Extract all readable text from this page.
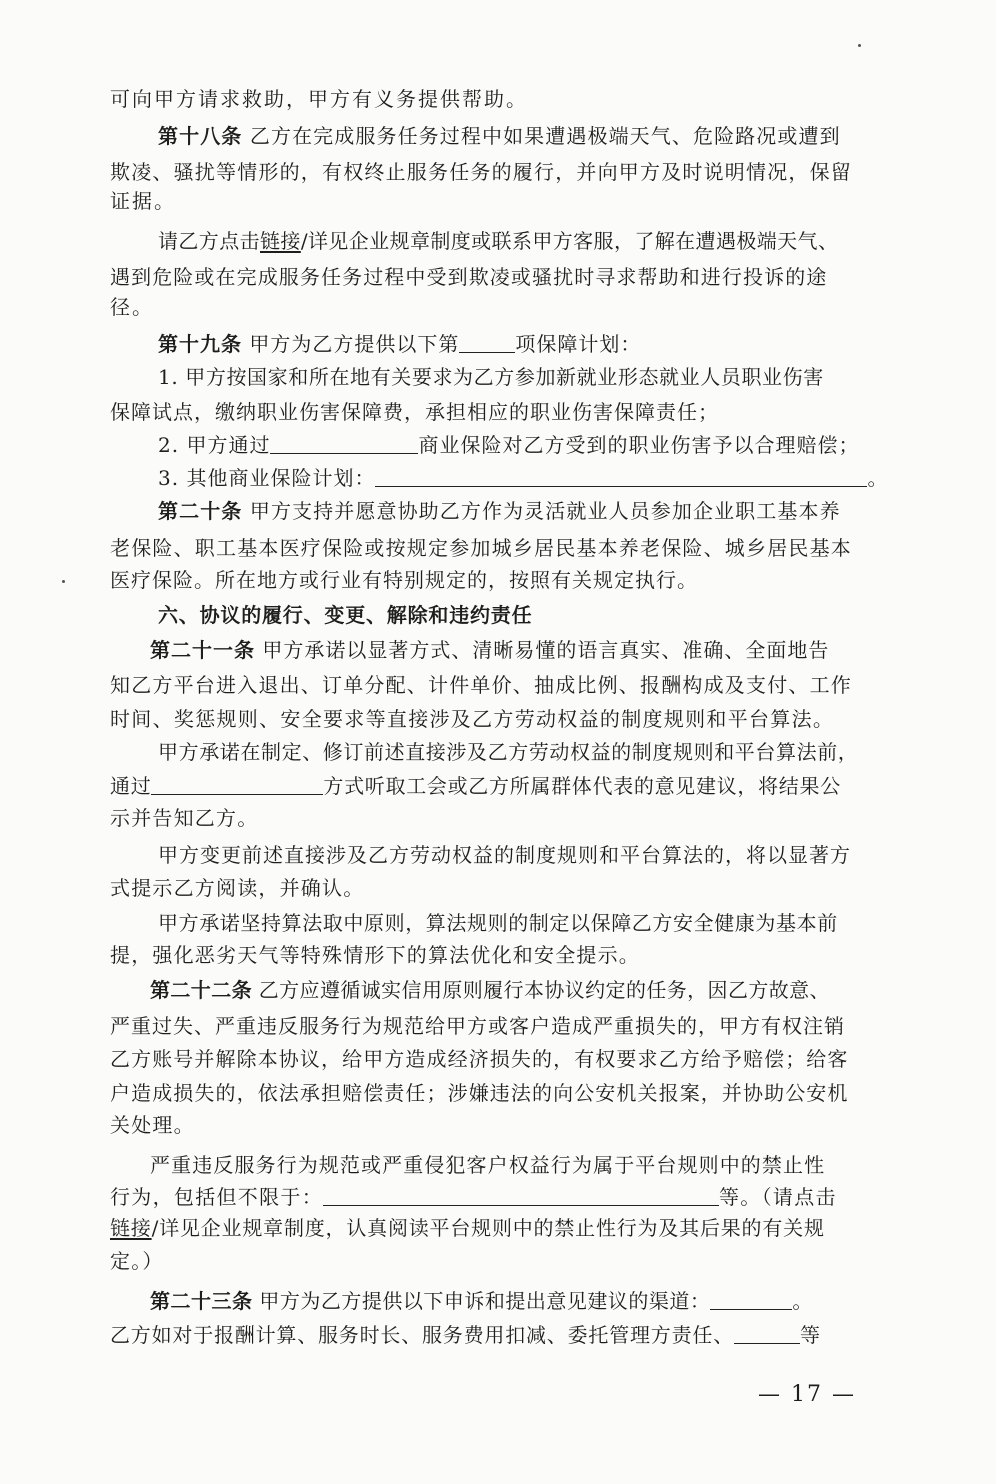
可向甲方请求救助，甲方有义务提供帮助。
第十八条 乙方在完成服务任务过程中如果遭遇极端天气、危险路况或遭到
欺凌、骚扰等情形的，有权终止服务任务的履行，并向甲方及时说明情况，保留
证据。
请乙方点击链接/详见企业规章制度或联系甲方客服，了解在遭遇极端天气、
遇到危险或在完成服务任务过程中受到欺凌或骚扰时寻求帮助和进行投诉的途
径。
第十九条 甲方为乙方提供以下第	项保障计划：
1. 甲方按国家和所在地有关要求为乙方参加新就业形态就业人员职业伤害
保障试点，缴纳职业伤害保障费，承担相应的职业伤害保障责任；
2. 甲方通过	商业保险对乙方受到的职业伤害予以合理赔偿；
3. 其他商业保险计划：	。
第二十条 甲方支持并愿意协助乙方作为灵活就业人员参加企业职工基本养
老保险、职工基本医疗保险或按规定参加城乡居民基本养老保险、城乡居民基本
医疗保险。所在地方或行业有特别规定的，按照有关规定执行。
六、协议的履行、变更、解除和违约责任
第二十一条 甲方承诺以显著方式、清晰易懂的语言真实、准确、全面地告
知乙方平台进入退出、订单分配、计件单价、抽成比例、报酬构成及支付、工作
时间、奖惩规则、安全要求等直接涉及乙方劳动权益的制度规则和平台算法。
甲方承诺在制定、修订前述直接涉及乙方劳动权益的制度规则和平台算法前，
通过	方式听取工会或乙方所属群体代表的意见建议，将结果公
示并告知乙方。
甲方变更前述直接涉及乙方劳动权益的制度规则和平台算法的，将以显著方
式提示乙方阅读，并确认。
甲方承诺坚持算法取中原则，算法规则的制定以保障乙方安全健康为基本前
提，强化恶劣天气等特殊情形下的算法优化和安全提示。
第二十二条 乙方应遵循诚实信用原则履行本协议约定的任务，因乙方故意、
严重过失、严重违反服务行为规范给甲方或客户造成严重损失的，甲方有权注销
乙方账号并解除本协议，给甲方造成经济损失的，有权要求乙方给予赔偿；给客
户造成损失的，依法承担赔偿责任；涉嫌违法的向公安机关报案，并协助公安机
关处理。
严重违反服务行为规范或严重侵犯客户权益行为属于平台规则中的禁止性
行为，包括但不限于：	等。（请点击
链接/详见企业规章制度，认真阅读平台规则中的禁止性行为及其后果的有关规
定。）
第二十三条 甲方为乙方提供以下申诉和提出意见建议的渠道：	。
乙方如对于报酬计算、服务时长、服务费用扣减、委托管理方责任、	等
— 17 —
